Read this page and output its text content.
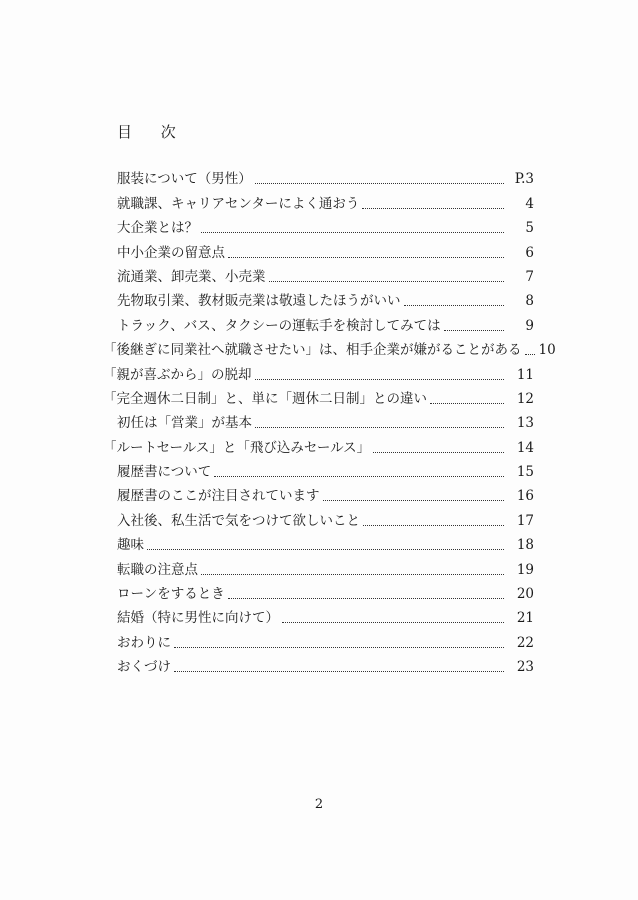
目 次
服装について（男性）	P.3
就職課、キャリアセンターによく通おう	4
大企業とは？	5
中小企業の留意点	6
流通業、卸売業、小売業	7
先物取引業、教材販売業は敬遠したほうがいい	8
トラック、バス、タクシーの運転手を検討してみては	9
「後継ぎに同業社へ就職させたい」は、相手企業が嫌がることがある 10
「親が喜ぶから」の脱却	11
「完全週休二日制」と、単に「週休二日制」との違い	12
初任は「営業」が基本	13
「ルートセールス」と「飛び込みセールス」	14
履歴書について	15
履歴書のここが注目されています	16
入社後、私生活で気をつけて欲しいこと	17
趣味	18
転職の注意点	19
ローンをするとき	20
結婚（特に男性に向けて）	21
おわりに	22
おくづけ	23
2
